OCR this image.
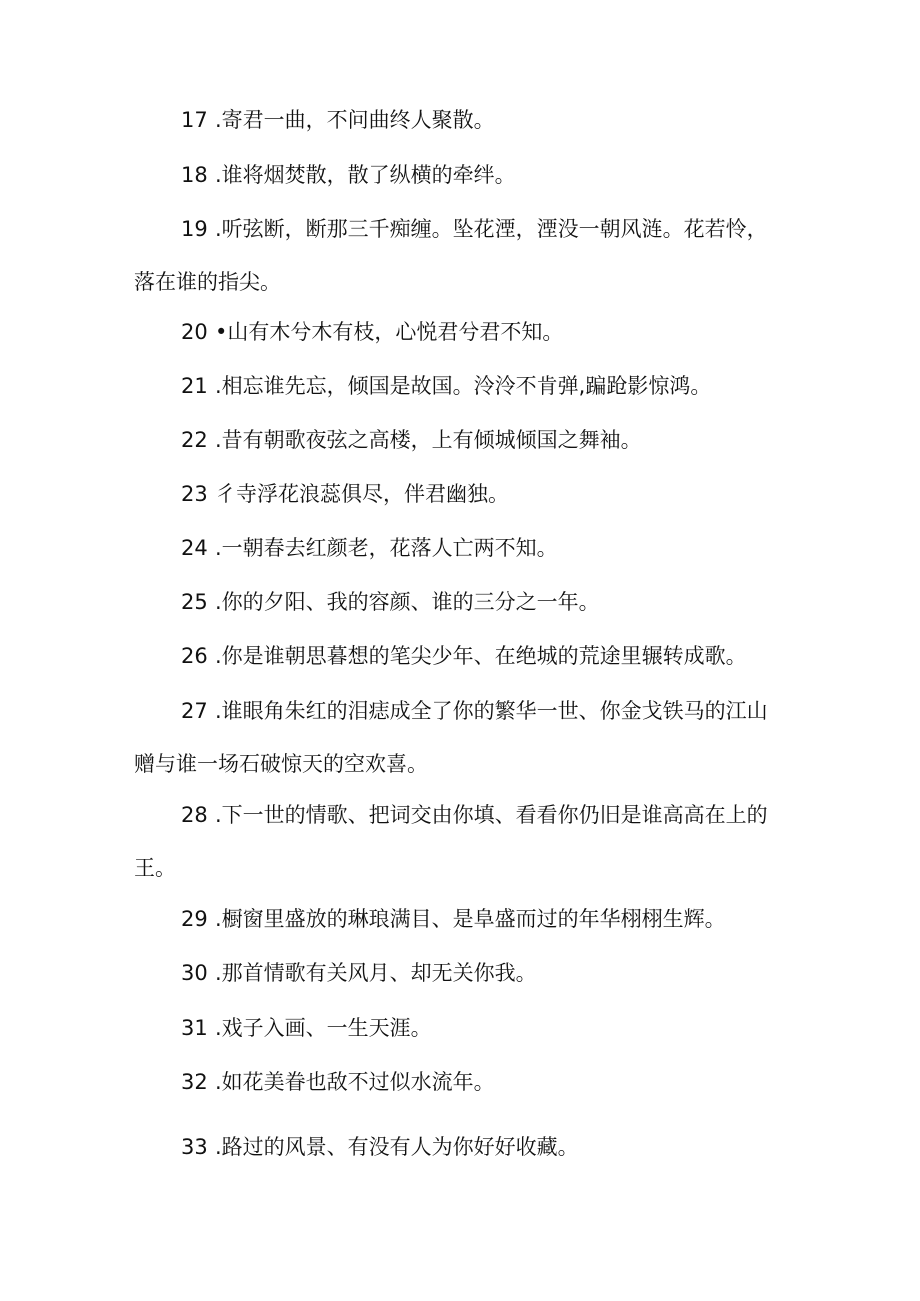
17 .寄君一曲，不问曲终人聚散。
18 .谁将烟焚散，散了纵横的牵绊。
19 .听弦断，断那三千痴缠。坠花湮，湮没一朝风涟。花若怜，
落在谁的指尖。
20 •山有木兮木有枝，心悦君兮君不知。
21 .相忘谁先忘，倾国是故国。泠泠不肯弹,蹁跄影惊鸿。
22 .昔有朝歌夜弦之高楼，上有倾城倾国之舞袖。
23 彳寺浮花浪蕊俱尽，伴君幽独。
24 .一朝春去红颜老，花落人亡两不知。
25 .你的夕阳、我的容颜、谁的三分之一年。
26 .你是谁朝思暮想的笔尖少年、在绝城的荒途里辗转成歌。
27 .谁眼角朱红的泪痣成全了你的繁华一世、你金戈铁马的江山
赠与谁一场石破惊天的空欢喜。
28 .下一世的情歌、把词交由你填、看看你仍旧是谁高高在上的
王。
29 .橱窗里盛放的琳琅满目、是阜盛而过的年华栩栩生辉。
30 .那首情歌有关风月、却无关你我。
31 .戏子入画、一生天涯。
32 .如花美眷也敌不过似水流年。
33 .路过的风景、有没有人为你好好收藏。
